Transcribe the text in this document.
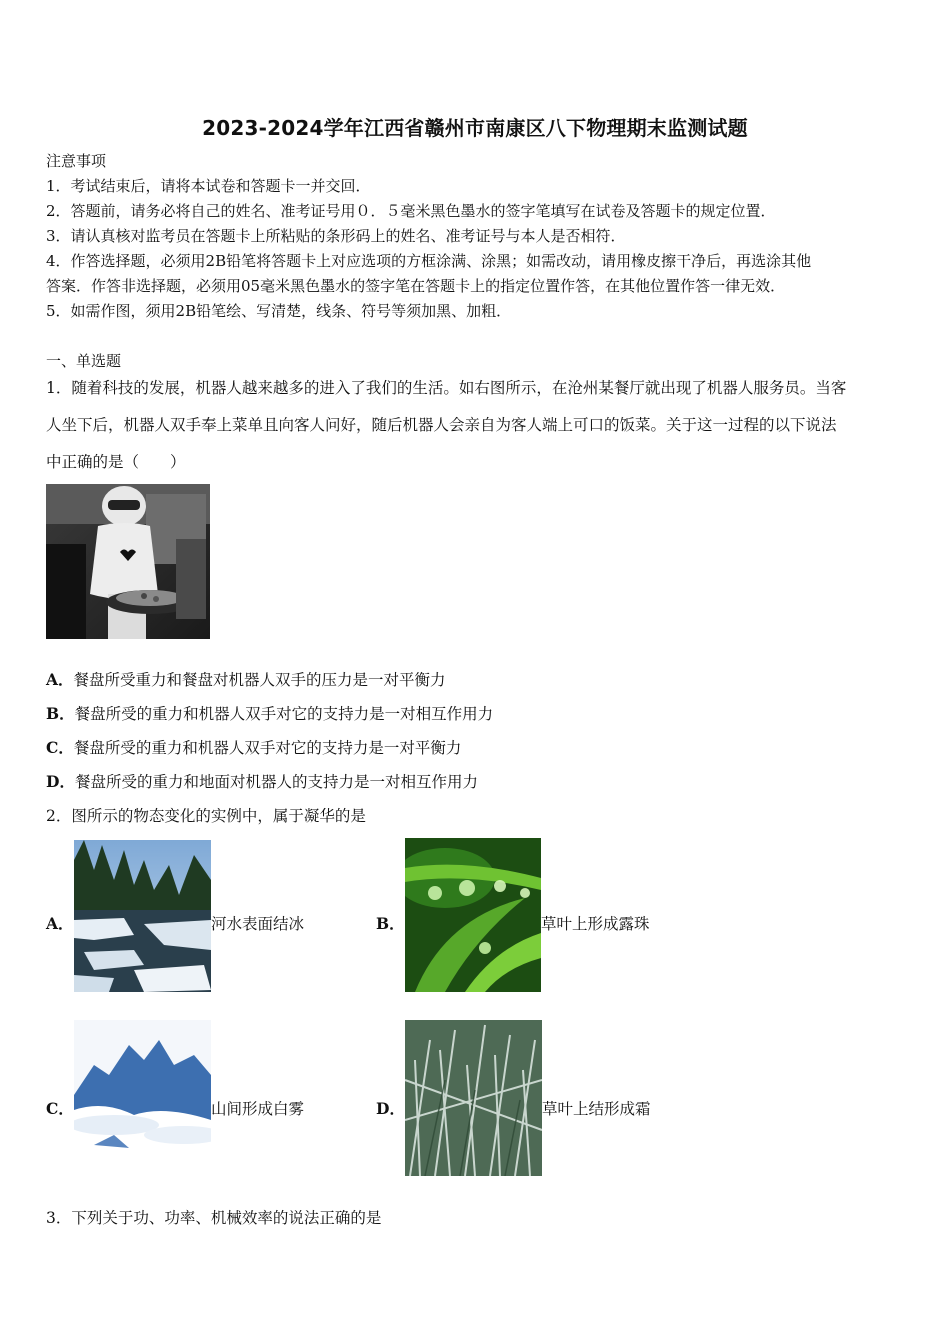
2023-2024学年江西省赣州市南康区八下物理期末监测试题
注意事项
1．考试结束后，请将本试卷和答题卡一并交回．
2．答题前，请务必将自己的姓名、准考证号用０．５毫米黑色墨水的签字笔填写在试卷及答题卡的规定位置．
3．请认真核对监考员在答题卡上所粘贴的条形码上的姓名、准考证号与本人是否相符．
4．作答选择题，必须用2B铅笔将答题卡上对应选项的方框涂满、涂黑；如需改动，请用橡皮擦干净后，再选涂其他
答案．作答非选择题，必须用05毫米黑色墨水的签字笔在答题卡上的指定位置作答，在其他位置作答一律无效．
5．如需作图，须用2B铅笔绘、写清楚，线条、符号等须加黑、加粗．
一、单选题
1．随着科技的发展，机器人越来越多的进入了我们的生活。如右图所示，在沧州某餐厅就出现了机器人服务员。当客
人坐下后，机器人双手奉上菜单且向客人问好，随后机器人会亲自为客人端上可口的饭菜。关于这一过程的以下说法
中正确的是（　　）
A．餐盘所受重力和餐盘对机器人双手的压力是一对平衡力
B．餐盘所受的重力和机器人双手对它的支持力是一对相互作用力
C．餐盘所受的重力和机器人双手对它的支持力是一对平衡力
D．餐盘所受的重力和地面对机器人的支持力是一对相互作用力
2．图所示的物态变化的实例中，属于凝华的是
A．	河水表面结冰	B．	草叶上形成露珠
C．	山间形成白雾	D．	草叶上结形成霜
3．下列关于功、功率、机械效率的说法正确的是
